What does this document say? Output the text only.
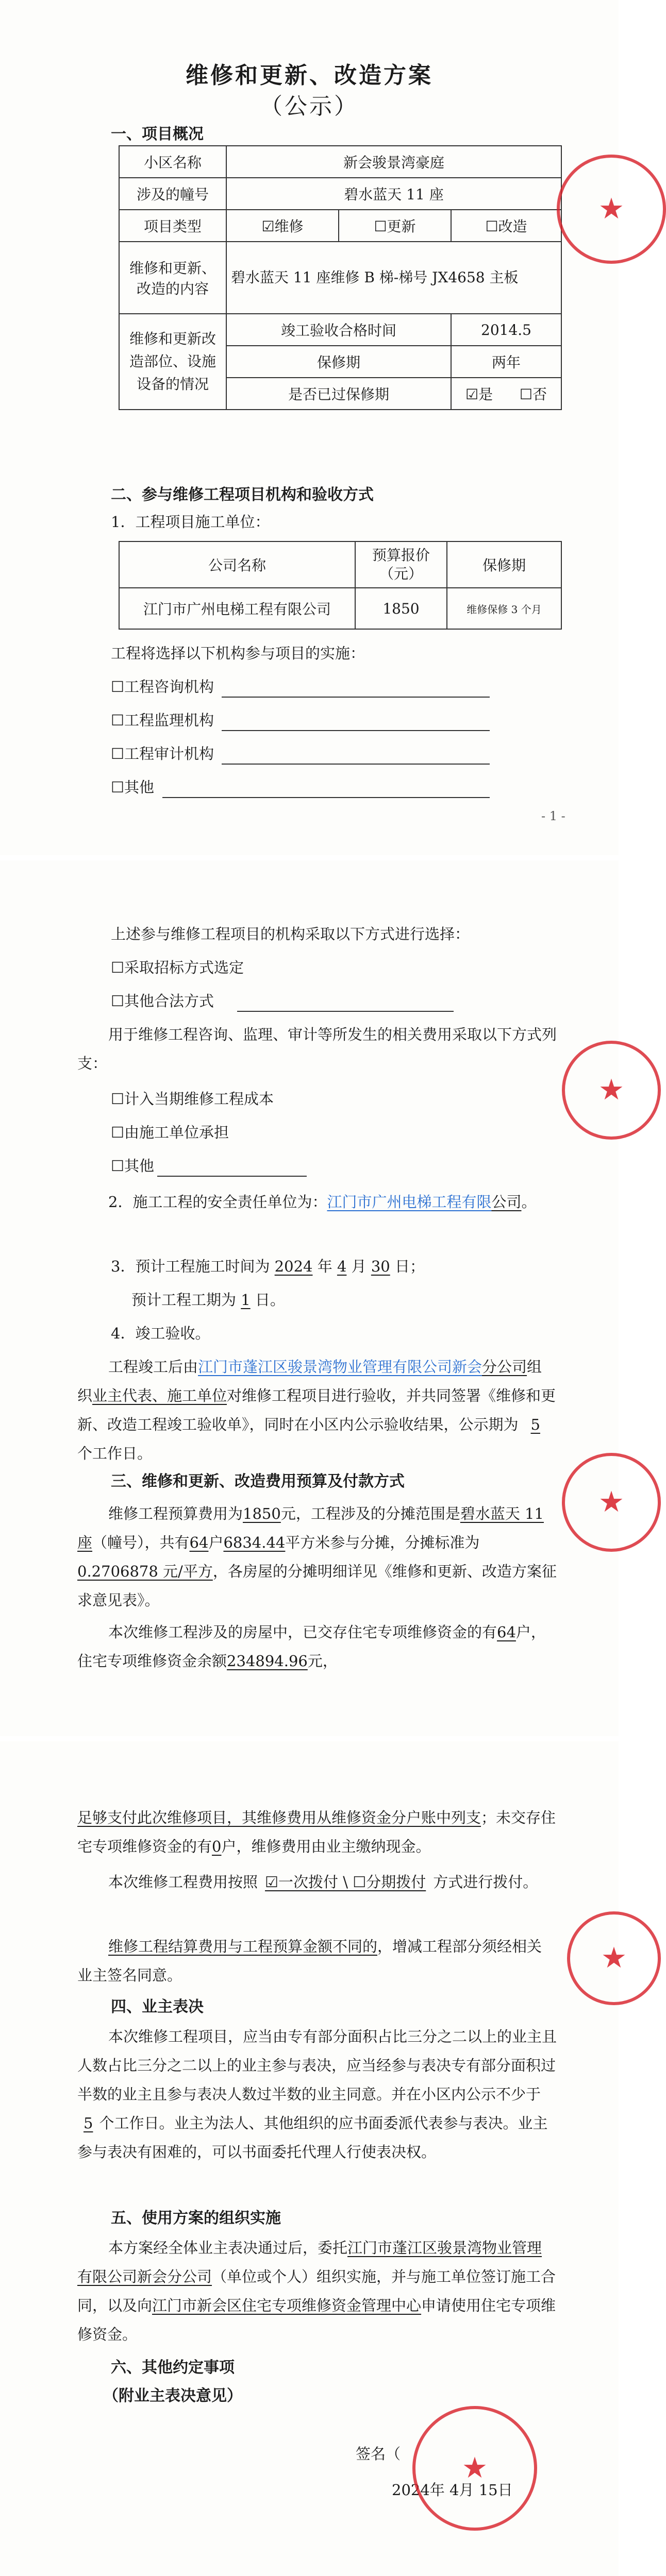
维修和更新、改造方案
（公示）
一、项目概况
小区名称	新会骏景湾豪庭		
涉及的幢号	碧水蓝天 11 座		
项目类型	☑维修	☐更新	☐改造
维修和更新、改造的内容	碧水蓝天 11 座维修 B 梯-梯号 JX4658 主板		
维修和更新改造部位、设施设备的情况	竣工验收合格时间		2014.5
	保修期		两年
	是否已过保修期		☑是 ☐否
二、参与维修工程项目机构和验收方式
1．工程项目施工单位：
公司名称	预算报价（元）	保修期
江门市广州电梯工程有限公司	1850	维修保修 3 个月
工程将选择以下机构参与项目的实施：
☐工程咨询机构
☐工程监理机构
☐工程审计机构
☐其他
- 1 -
★
上述参与维修工程项目的机构采取以下方式进行选择：
☐采取招标方式选定
☐其他合法方式
用于维修工程咨询、监理、审计等所发生的相关费用采取以下方式列支：
☐计入当期维修工程成本
☐由施工单位承担
☐其他
2．施工工程的安全责任单位为：江门市广州电梯工程有限公司。
3．预计工程施工时间为 2024 年 4 月 30 日；
预计工程工期为 1 日。
4．竣工验收。
工程竣工后由江门市蓬江区骏景湾物业管理有限公司新会分公司组织业主代表、施工单位对维修工程项目进行验收，并共同签署《维修和更新、改造工程竣工验收单》，同时在小区内公示验收结果，公示期为 5个工作日。
三、维修和更新、改造费用预算及付款方式
维修工程预算费用为1850元，工程涉及的分摊范围是碧水蓝天 11 座（幢号），共有64户6834.44平方米参与分摊，分摊标准为0.2706878 元/平方，各房屋的分摊明细详见《维修和更新、改造方案征求意见表》。
本次维修工程涉及的房屋中，已交存住宅专项维修资金的有64户，住宅专项维修资金余额234894.96元，
★
★
足够支付此次维修项目，其维修费用从维修资金分户账中列支；未交存住宅专项维修资金的有0户，维修费用由业主缴纳现金。
本次维修工程费用按照 ☑一次拨付 \ ☐分期拨付 方式进行拨付。
维修工程结算费用与工程预算金额不同的，增减工程部分须经相关业主签名同意。
四、业主表决
本次维修工程项目，应当由专有部分面积占比三分之二以上的业主且人数占比三分之二以上的业主参与表决，应当经参与表决专有部分面积过半数的业主且参与表决人数过半数的业主同意。并在小区内公示不少于5 个工作日。业主为法人、其他组织的应书面委派代表参与表决。业主参与表决有困难的，可以书面委托代理人行使表决权。
五、使用方案的组织实施
本方案经全体业主表决通过后，委托江门市蓬江区骏景湾物业管理有限公司新会分公司（单位或个人）组织实施，并与施工单位签订施工合同，以及向江门市新会区住宅专项维修资金管理中心申请使用住宅专项维修资金。
六、其他约定事项
（附业主表决意见）
签名（
2024年 4月 15日
★
★
